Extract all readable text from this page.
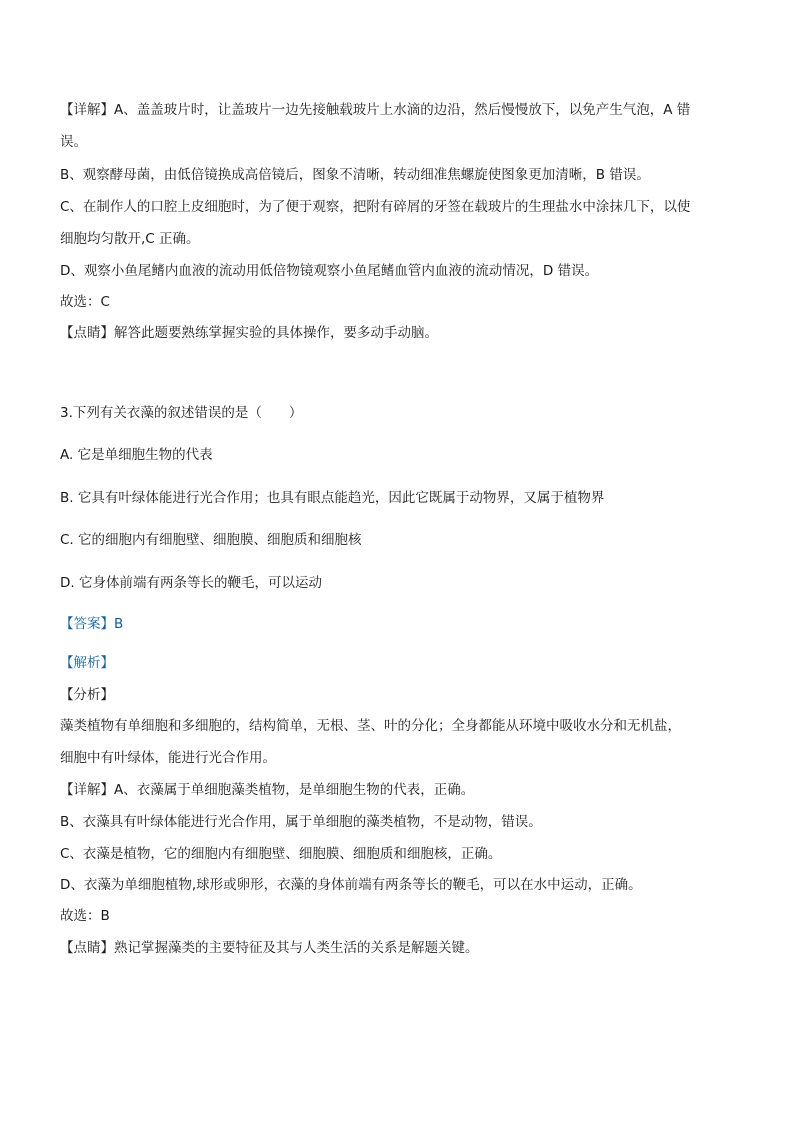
【详解】A、盖盖玻片时，让盖玻片一边先接触载玻片上水滴的边沿，然后慢慢放下，以免产生气泡，A 错
误。
B、观察酵母菌，由低倍镜换成高倍镜后，图象不清晰，转动细准焦螺旋使图象更加清晰，B 错误。
C、在制作人的口腔上皮细胞时，为了便于观察，把附有碎屑的牙签在载玻片的生理盐水中涂抹几下，以使
细胞均匀散开,C 正确。
D、观察小鱼尾鳍内血液的流动用低倍物镜观察小鱼尾鳍血管内血液的流动情况，D 错误。
故选：C
【点睛】解答此题要熟练掌握实验的具体操作，要多动手动脑。
3.下列有关衣藻的叙述错误的是（　　）
A. 它是单细胞生物的代表
B. 它具有叶绿体能进行光合作用；也具有眼点能趋光，因此它既属于动物界，又属于植物界
C. 它的细胞内有细胞壁、细胞膜、细胞质和细胞核
D. 它身体前端有两条等长的鞭毛，可以运动
【答案】B
【解析】
【分析】
藻类植物有单细胞和多细胞的，结构简单，无根、茎、叶的分化；全身都能从环境中吸收水分和无机盐，
细胞中有叶绿体，能进行光合作用。
【详解】A、衣藻属于单细胞藻类植物，是单细胞生物的代表，正确。
B、衣藻具有叶绿体能进行光合作用，属于单细胞的藻类植物，不是动物，错误。
C、衣藻是植物，它的细胞内有细胞壁、细胞膜、细胞质和细胞核，正确。
D、衣藻为单细胞植物,球形或卵形，衣藻的身体前端有两条等长的鞭毛，可以在水中运动，正确。
故选：B
【点睛】熟记掌握藻类的主要特征及其与人类生活的关系是解题关键。
